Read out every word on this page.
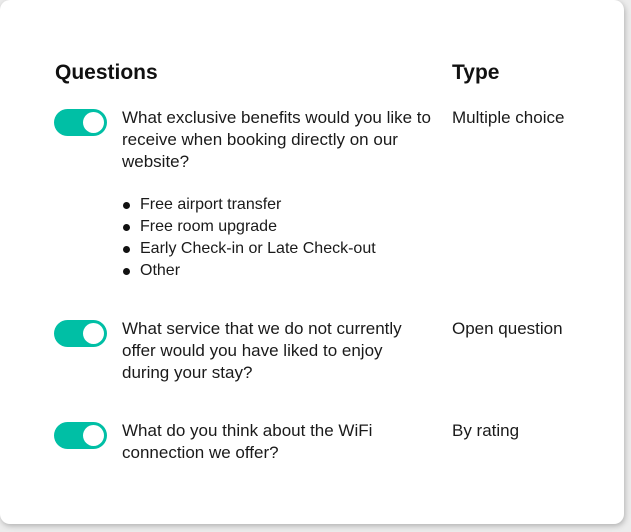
Questions	Type
What exclusive benefits would you like to receive when booking directly on our website?
Multiple choice
Free airport transfer
Free room upgrade
Early Check-in or Late Check-out
Other
What service that we do not currently offer would you have liked to enjoy during your stay?
Open question
What do you think about the WiFi connection we offer?
By rating
